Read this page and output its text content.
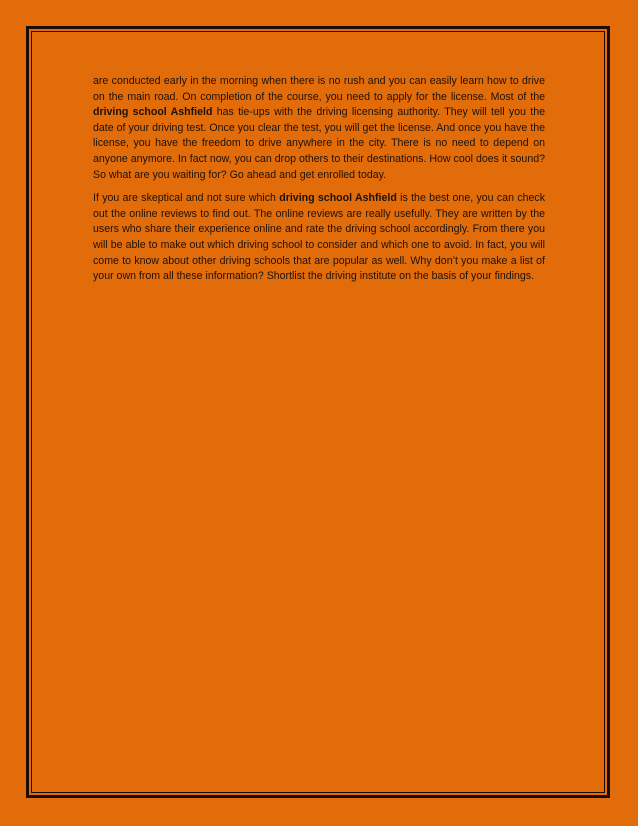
are conducted early in the morning when there is no rush and you can easily learn how to drive on the main road. On completion of the course, you need to apply for the license. Most of the driving school Ashfield has tie-ups with the driving licensing authority. They will tell you the date of your driving test. Once you clear the test, you will get the license. And once you have the license, you have the freedom to drive anywhere in the city. There is no need to depend on anyone anymore. In fact now, you can drop others to their destinations. How cool does it sound? So what are you waiting for? Go ahead and get enrolled today.

If you are skeptical and not sure which driving school Ashfield is the best one, you can check out the online reviews to find out. The online reviews are really usefully. They are written by the users who share their experience online and rate the driving school accordingly. From there you will be able to make out which driving school to consider and which one to avoid. In fact, you will come to know about other driving schools that are popular as well. Why don’t you make a list of your own from all these information? Shortlist the driving institute on the basis of your findings.
